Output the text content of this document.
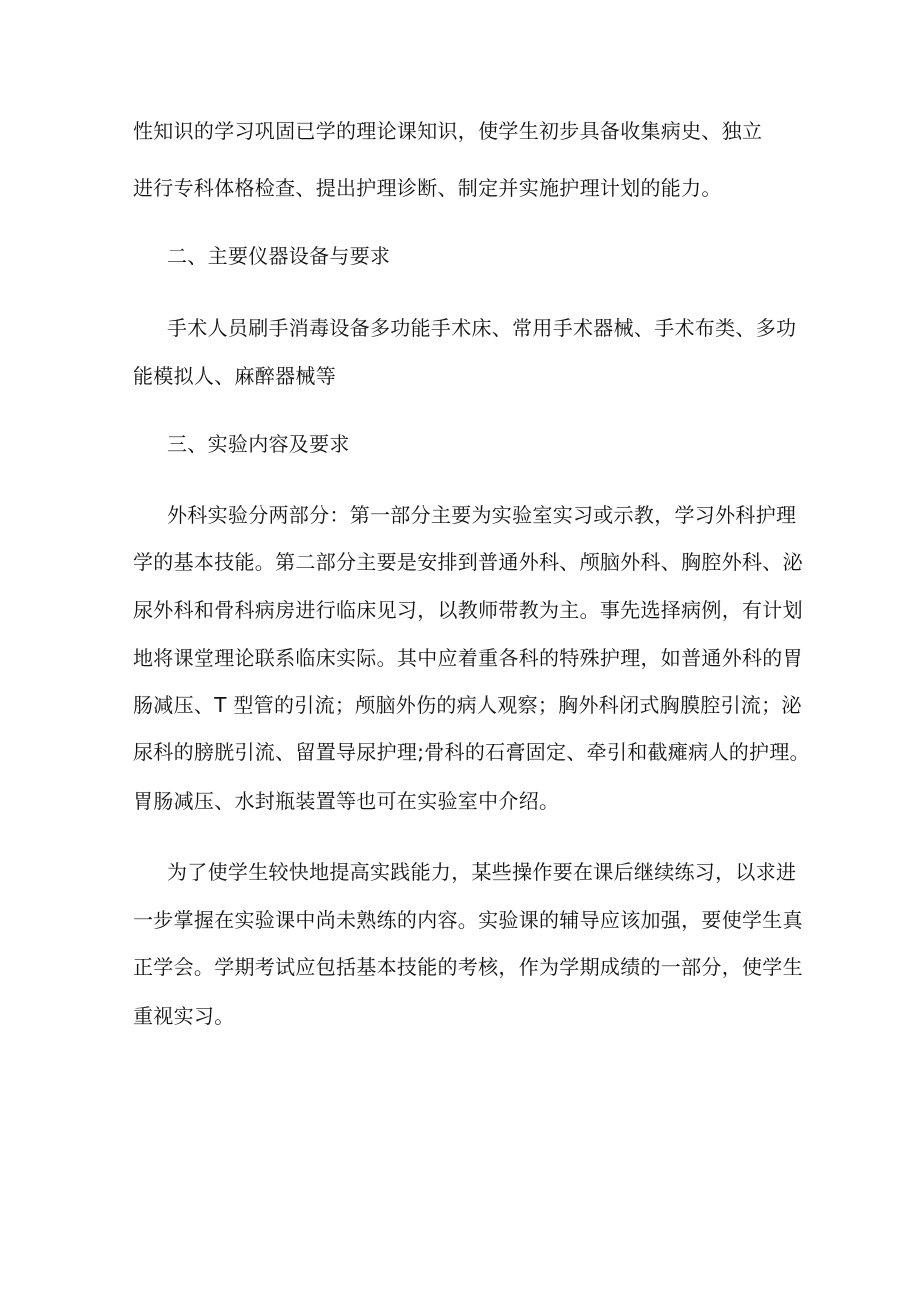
性知识的学习巩固已学的理论课知识，使学生初步具备收集病史、独立
进行专科体格检查、提出护理诊断、制定并实施护理计划的能力。
二、主要仪器设备与要求
手术人员刷手消毒设备多功能手术床、常用手术器械、手术布类、多功
能模拟人、麻醉器械等
三、实验内容及要求
外科实验分两部分：第一部分主要为实验室实习或示教，学习外科护理
学的基本技能。第二部分主要是安排到普通外科、颅脑外科、胸腔外科、泌
尿外科和骨科病房进行临床见习，以教师带教为主。事先选择病例，有计划
地将课堂理论联系临床实际。其中应着重各科的特殊护理，如普通外科的胃
肠减压、T 型管的引流；颅脑外伤的病人观察；胸外科闭式胸膜腔引流；泌
尿科的膀胱引流、留置导尿护理;骨科的石膏固定、牵引和截瘫病人的护理。
胃肠减压、水封瓶装置等也可在实验室中介绍。
为了使学生较快地提高实践能力，某些操作要在课后继续练习，以求进
一步掌握在实验课中尚未熟练的内容。实验课的辅导应该加强，要使学生真
正学会。学期考试应包括基本技能的考核，作为学期成绩的一部分，使学生
重视实习。
